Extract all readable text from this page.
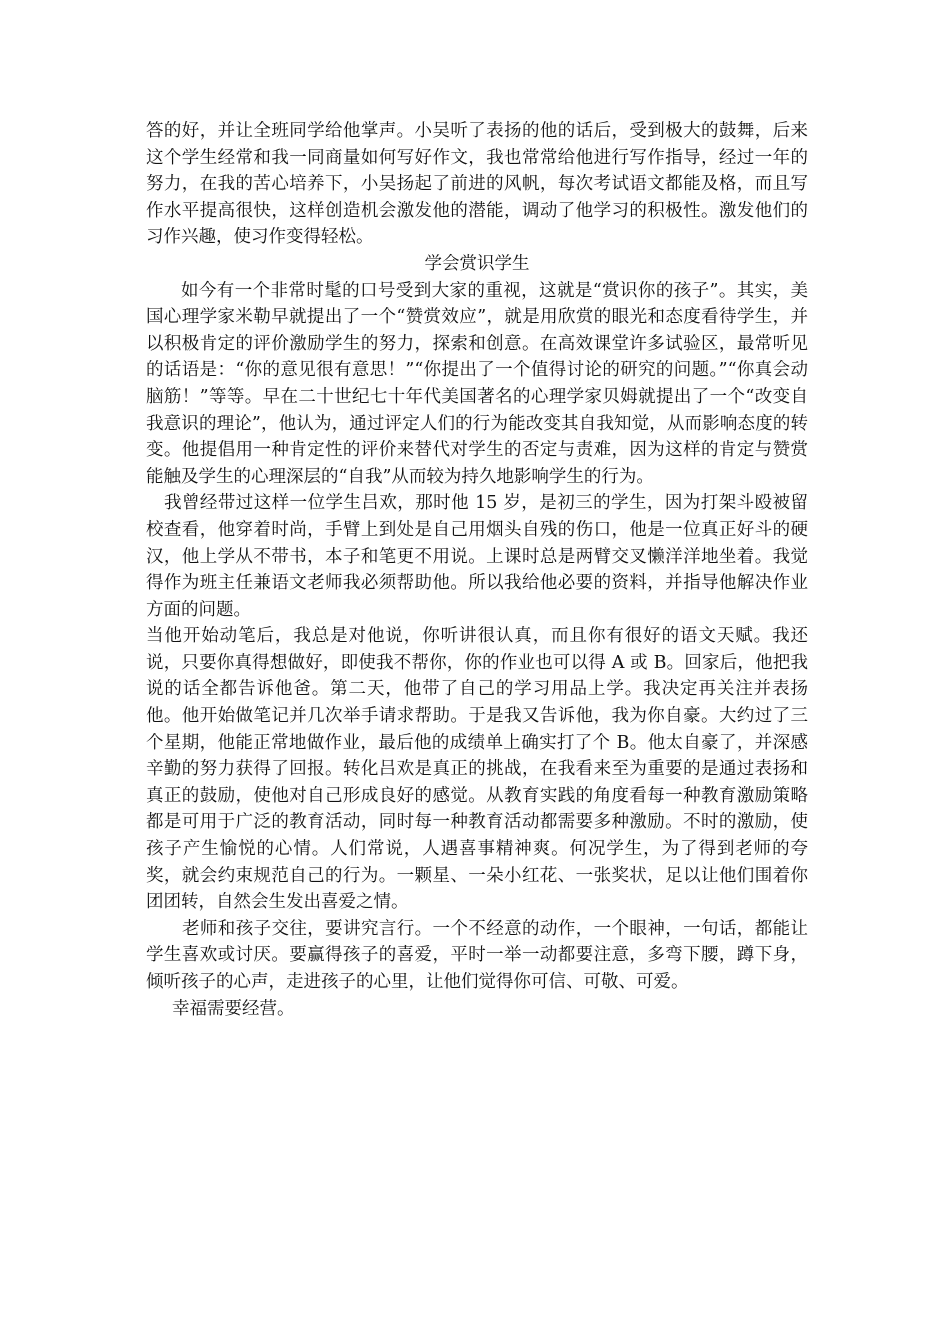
答的好，并让全班同学给他掌声。小吴听了表扬的他的话后，受到极大的鼓舞，后来这个学生经常和我一同商量如何写好作文，我也常常给他进行写作指导，经过一年的努力，在我的苦心培养下，小吴扬起了前进的风帆，每次考试语文都能及格，而且写作水平提高很快，这样创造机会激发他的潜能，调动了他学习的积极性。激发他们的习作兴趣，使习作变得轻松。

学会赏识学生

如今有一个非常时髦的口号受到大家的重视，这就是“赏识你的孩子”。其实，美国心理学家米勒早就提出了一个“赞赏效应”，就是用欣赏的眼光和态度看待学生，并以积极肯定的评价激励学生的努力，探索和创意。在高效课堂许多试验区，最常听见的话语是：“你的意见很有意思！”“你提出了一个值得讨论的研究的问题。”“你真会动脑筋！”等等。早在二十世纪七十年代美国著名的心理学家贝姆就提出了一个“改变自我意识的理论”，他认为，通过评定人们的行为能改变其自我知觉，从而影响态度的转变。他提倡用一种肯定性的评价来替代对学生的否定与责难，因为这样的肯定与赞赏能触及学生的心理深层的“自我”从而较为持久地影响学生的行为。

我曾经带过这样一位学生吕欢，那时他 15 岁，是初三的学生，因为打架斗殴被留校查看，他穿着时尚，手臂上到处是自己用烟头自残的伤口，他是一位真正好斗的硬汉，他上学从不带书，本子和笔更不用说。上课时总是两臂交叉懒洋洋地坐着。我觉得作为班主任兼语文老师我必须帮助他。所以我给他必要的资料，并指导他解决作业方面的问题。

当他开始动笔后，我总是对他说，你听讲很认真，而且你有很好的语文天赋。我还说，只要你真得想做好，即使我不帮你，你的作业也可以得 A 或 B。回家后，他把我说的话全都告诉他爸。第二天，他带了自己的学习用品上学。我决定再关注并表扬他。他开始做笔记并几次举手请求帮助。于是我又告诉他，我为你自豪。大约过了三个星期，他能正常地做作业，最后他的成绩单上确实打了个 B。他太自豪了，并深感辛勤的努力获得了回报。转化吕欢是真正的挑战，在我看来至为重要的是通过表扬和真正的鼓励，使他对自己形成良好的感觉。从教育实践的角度看每一种教育激励策略都是可用于广泛的教育活动，同时每一种教育活动都需要多种激励。不时的激励，使孩子产生愉悦的心情。人们常说，人遇喜事精神爽。何况学生，为了得到老师的夸奖，就会约束规范自己的行为。一颗星、一朵小红花、一张奖状，足以让他们围着你团团转，自然会生发出喜爱之情。

老师和孩子交往，要讲究言行。一个不经意的动作，一个眼神，一句话，都能让学生喜欢或讨厌。要赢得孩子的喜爱，平时一举一动都要注意，多弯下腰，蹲下身，倾听孩子的心声，走进孩子的心里，让他们觉得你可信、可敬、可爱。

幸福需要经营。
